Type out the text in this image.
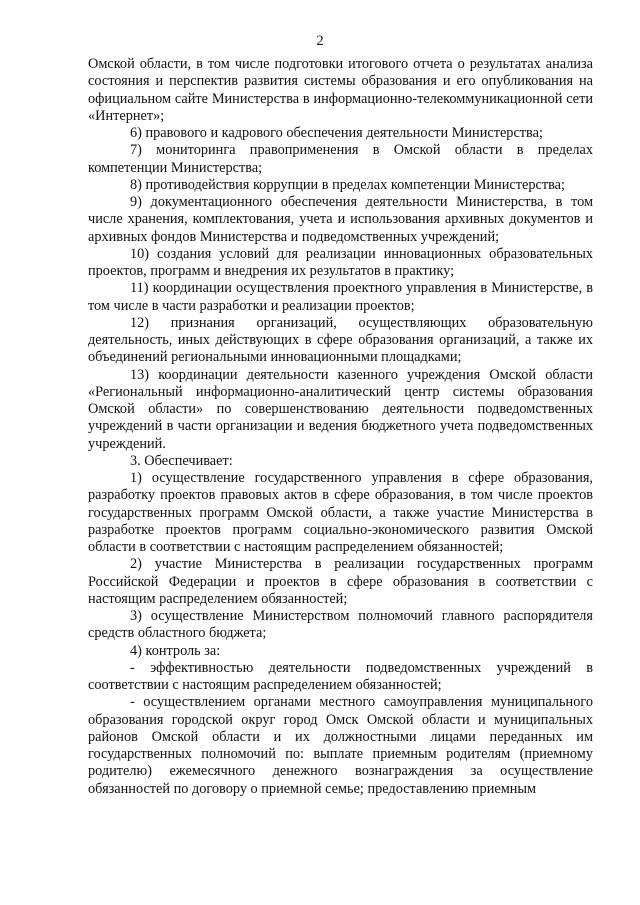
2

Омской области, в том числе подготовки итогового отчета о результатах анализа состояния и перспектив развития системы образования и его опубликования на официальном сайте Министерства в информационно-телекоммуникационной сети «Интернет»;

6) правового и кадрового обеспечения деятельности Министерства;

7) мониторинга правоприменения в Омской области в пределах компетенции Министерства;

8) противодействия коррупции в пределах компетенции Министерства;

9) документационного обеспечения деятельности Министерства, в том числе хранения, комплектования, учета и использования архивных документов и архивных фондов Министерства и подведомственных учреждений;

10) создания условий для реализации инновационных образовательных проектов, программ и внедрения их результатов в практику;

11) координации осуществления проектного управления в Министерстве, в том числе в части разработки и реализации проектов;

12) признания организаций, осуществляющих образовательную деятельность, иных действующих в сфере образования организаций, а также их объединений региональными инновационными площадками;

13) координации деятельности казенного учреждения Омской области «Региональный информационно-аналитический центр системы образования Омской области» по совершенствованию деятельности подведомственных учреждений в части организации и ведения бюджетного учета подведомственных учреждений.

3. Обеспечивает:

1) осуществление государственного управления в сфере образования, разработку проектов правовых актов в сфере образования, в том числе проектов государственных программ Омской области, а также участие Министерства в разработке проектов программ социально-экономического развития Омской области в соответствии с настоящим распределением обязанностей;

2) участие Министерства в реализации государственных программ Российской Федерации и проектов в сфере образования в соответствии с настоящим распределением обязанностей;

3) осуществление Министерством полномочий главного распорядителя средств областного бюджета;

4) контроль за:

- эффективностью деятельности подведомственных учреждений в соответствии с настоящим распределением обязанностей;

- осуществлением органами местного самоуправления муниципального образования городской округ город Омск Омской области и муниципальных районов Омской области и их должностными лицами переданных им государственных полномочий по: выплате приемным родителям (приемному родителю) ежемесячного денежного вознаграждения за осуществление обязанностей по договору о приемной семье; предоставлению приемным
